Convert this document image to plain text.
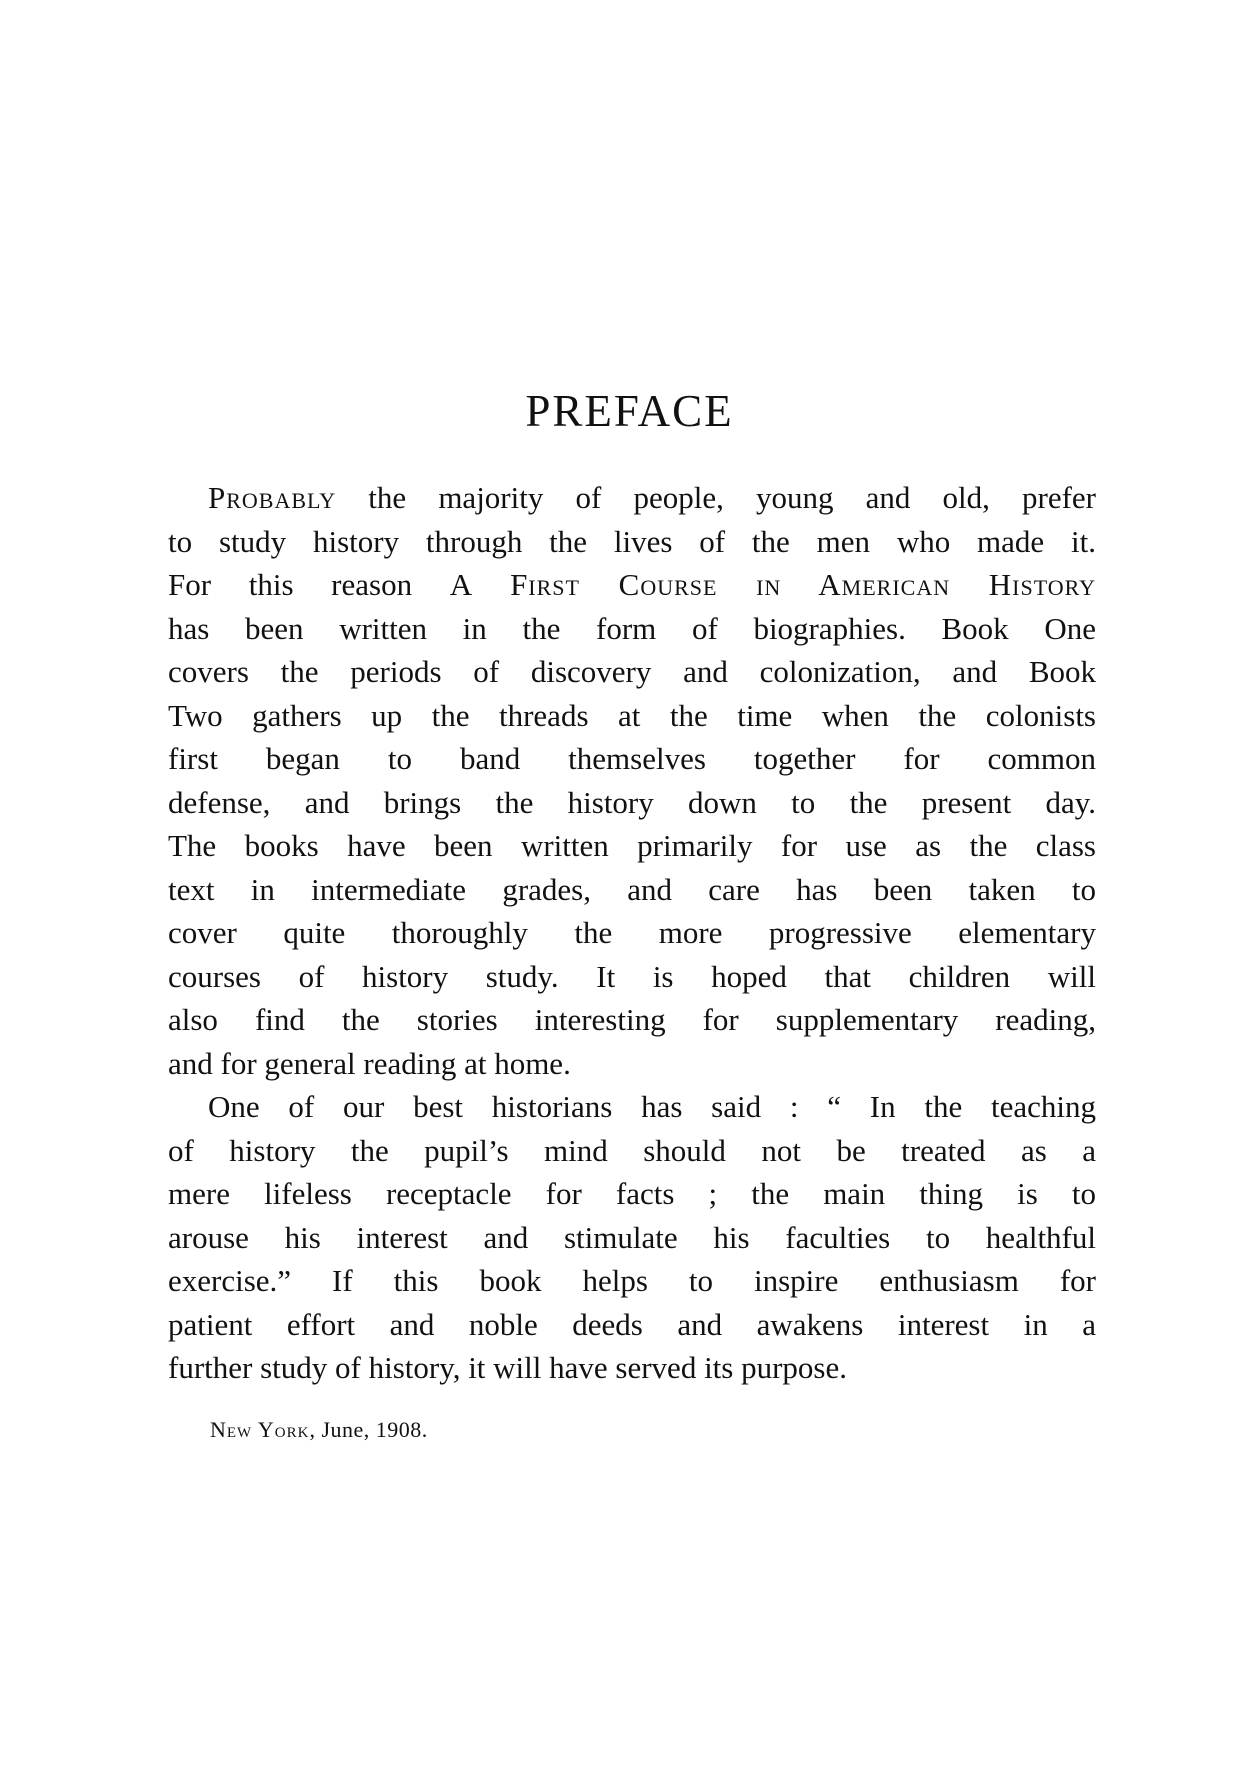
PREFACE
Probably the majority of people, young and old, prefer
to study history through the lives of the men who made it.
For this reason A First Course in American History
has been written in the form of biographies. Book One
covers the periods of discovery and colonization, and Book
Two gathers up the threads at the time when the colonists
first began to band themselves together for common
defense, and brings the history down to the present day.
The books have been written primarily for use as the class
text in intermediate grades, and care has been taken to
cover quite thoroughly the more progressive elementary
courses of history study. It is hoped that children will
also find the stories interesting for supplementary reading,
and for general reading at home.
One of our best historians has said : “ In the teaching
of history the pupil’s mind should not be treated as a
mere lifeless receptacle for facts ; the main thing is to
arouse his interest and stimulate his faculties to healthful
exercise.” If this book helps to inspire enthusiasm for
patient effort and noble deeds and awakens interest in a
further study of history, it will have served its purpose.
New York, June, 1908.
